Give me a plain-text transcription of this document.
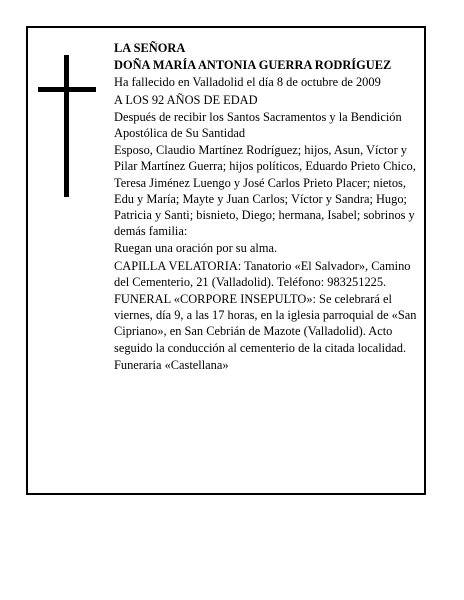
LA SEÑORA

DOÑA MARÍA ANTONIA GUERRA RODRÍGUEZ

Ha fallecido en Valladolid el día 8 de octubre de 2009

A LOS 92 AÑOS DE EDAD

Después de recibir los Santos Sacramentos y la Bendición Apostólica de Su Santidad

Esposo, Claudio Martínez Rodríguez; hijos, Asun, Víctor y Pilar Martínez Guerra; hijos políticos, Eduardo Prieto Chico, Teresa Jiménez Luengo y José Carlos Prieto Placer; nietos, Edu y María; Mayte y Juan Carlos; Víctor y Sandra; Hugo; Patricia y Santi; bisnieto, Diego; hermana, Isabel; sobrinos y demás familia:

Ruegan una oración por su alma.

CAPILLA VELATORIA: Tanatorio «El Salvador», Camino del Cementerio, 21 (Valladolid). Teléfono: 983251225.

FUNERAL «CORPORE INSEPULTO»: Se celebrará el viernes, día 9, a las 17 horas, en la iglesia parroquial de «San Cipriano», en San Cebrián de Mazote (Valladolid). Acto seguido la conducción al cementerio de la citada localidad.

Funeraria «Castellana»
